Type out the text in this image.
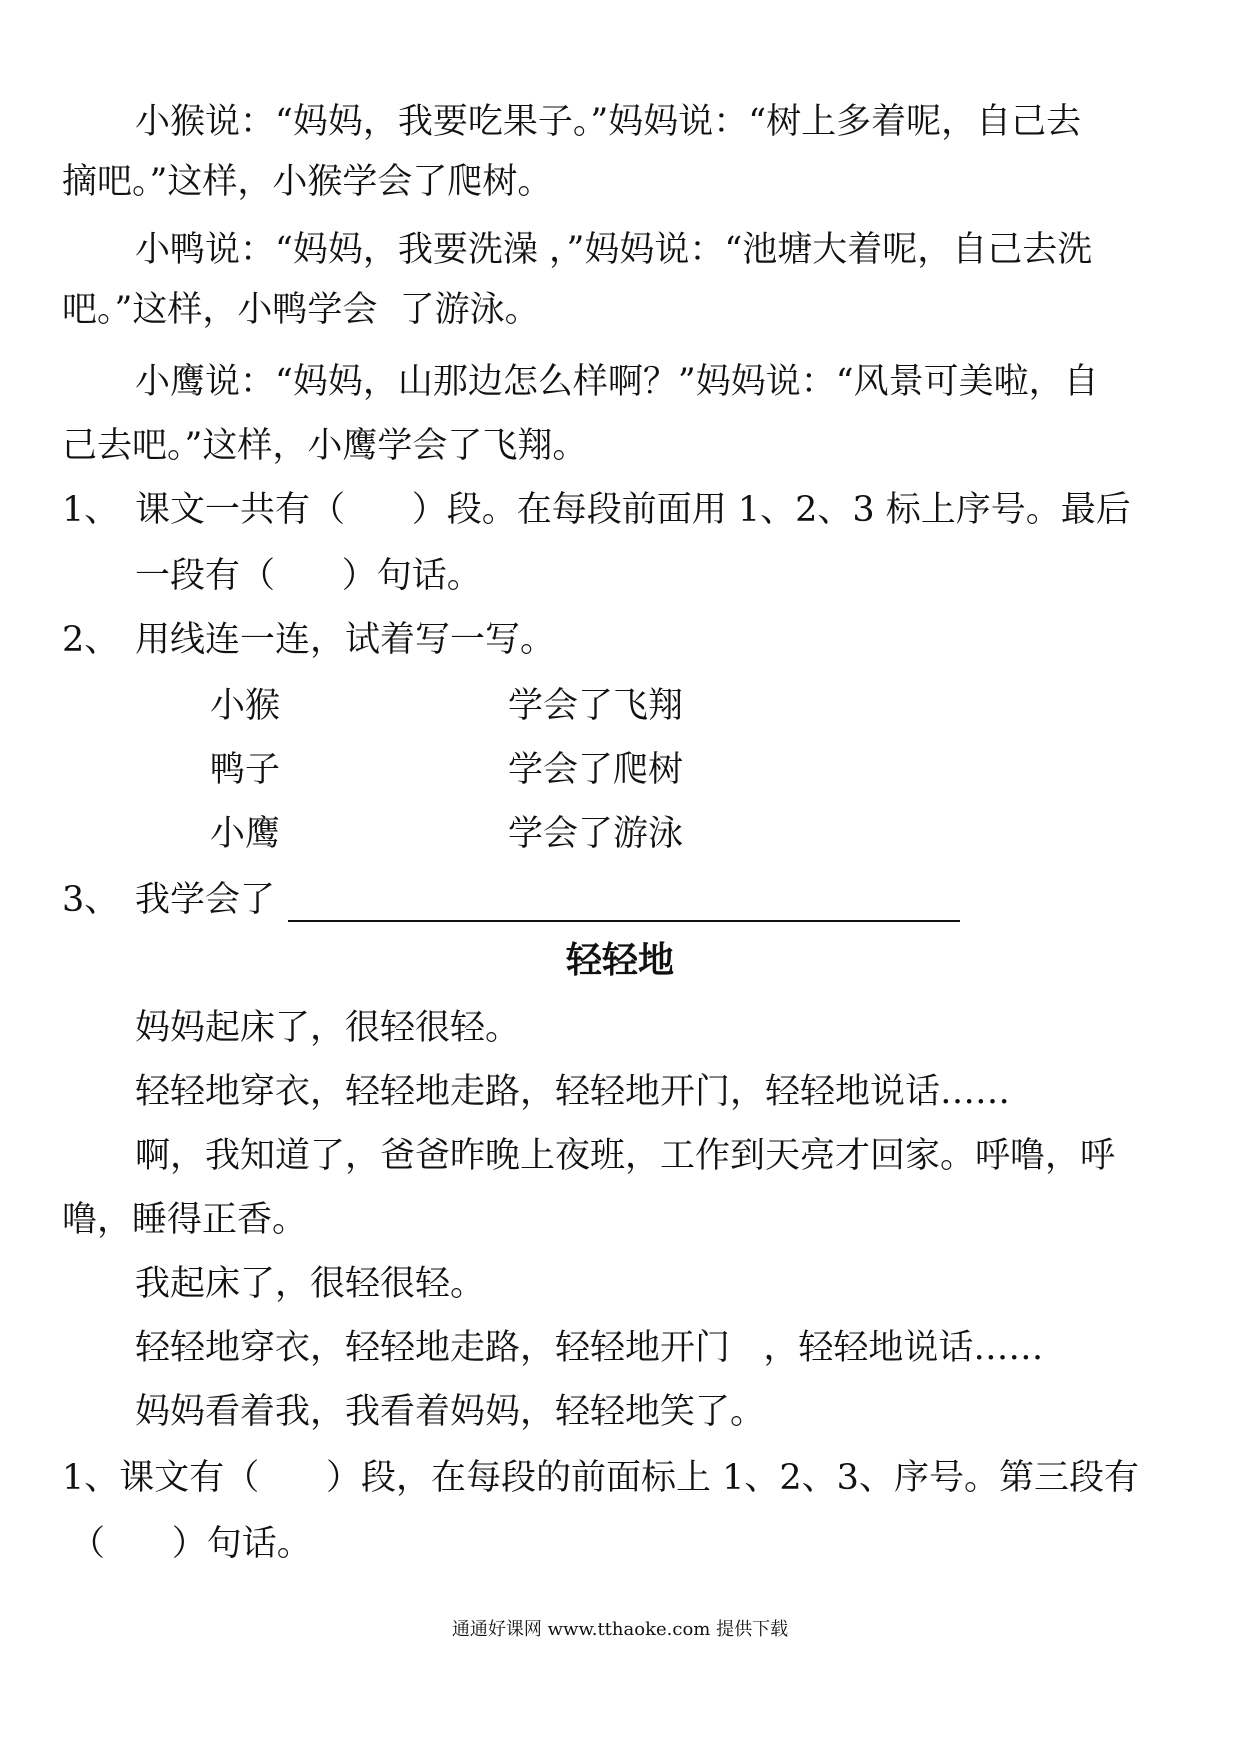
小猴说：“妈妈，我要吃果子。”妈妈说：“树上多着呢，自己去
摘吧。”这样，小猴学会了爬树。
小鸭说：“妈妈，我要洗澡 ，”妈妈说：“池塘大着呢，自己去洗
吧。”这样，小鸭学会  了游泳。
小鹰说：“妈妈，山那边怎么样啊？”妈妈说：“风景可美啦，自
己去吧。”这样，小鹰学会了飞翔。
1、 课文一共有（      ）段。在每段前面用 1、2、3 标上序号。最后
一段有（      ）句话。
2、 用线连一连，试着写一写。
小猴	学会了飞翔
鸭子	学会了爬树
小鹰	学会了游泳
3、 我学会了
轻轻地
妈妈起床了，很轻很轻。
轻轻地穿衣，轻轻地走路，轻轻地开门，轻轻地说话……
啊，我知道了，爸爸昨晚上夜班，工作到天亮才回家。呼噜，呼
噜，睡得正香。
我起床了，很轻很轻。
轻轻地穿衣，轻轻地走路，轻轻地开门   ，轻轻地说话……
妈妈看着我，我看着妈妈，轻轻地笑了。
1、课文有（      ）段，在每段的前面标上 1、2、3、序号。第三段有
（      ）句话。
通通好课网 www.tthaoke.com 提供下载
